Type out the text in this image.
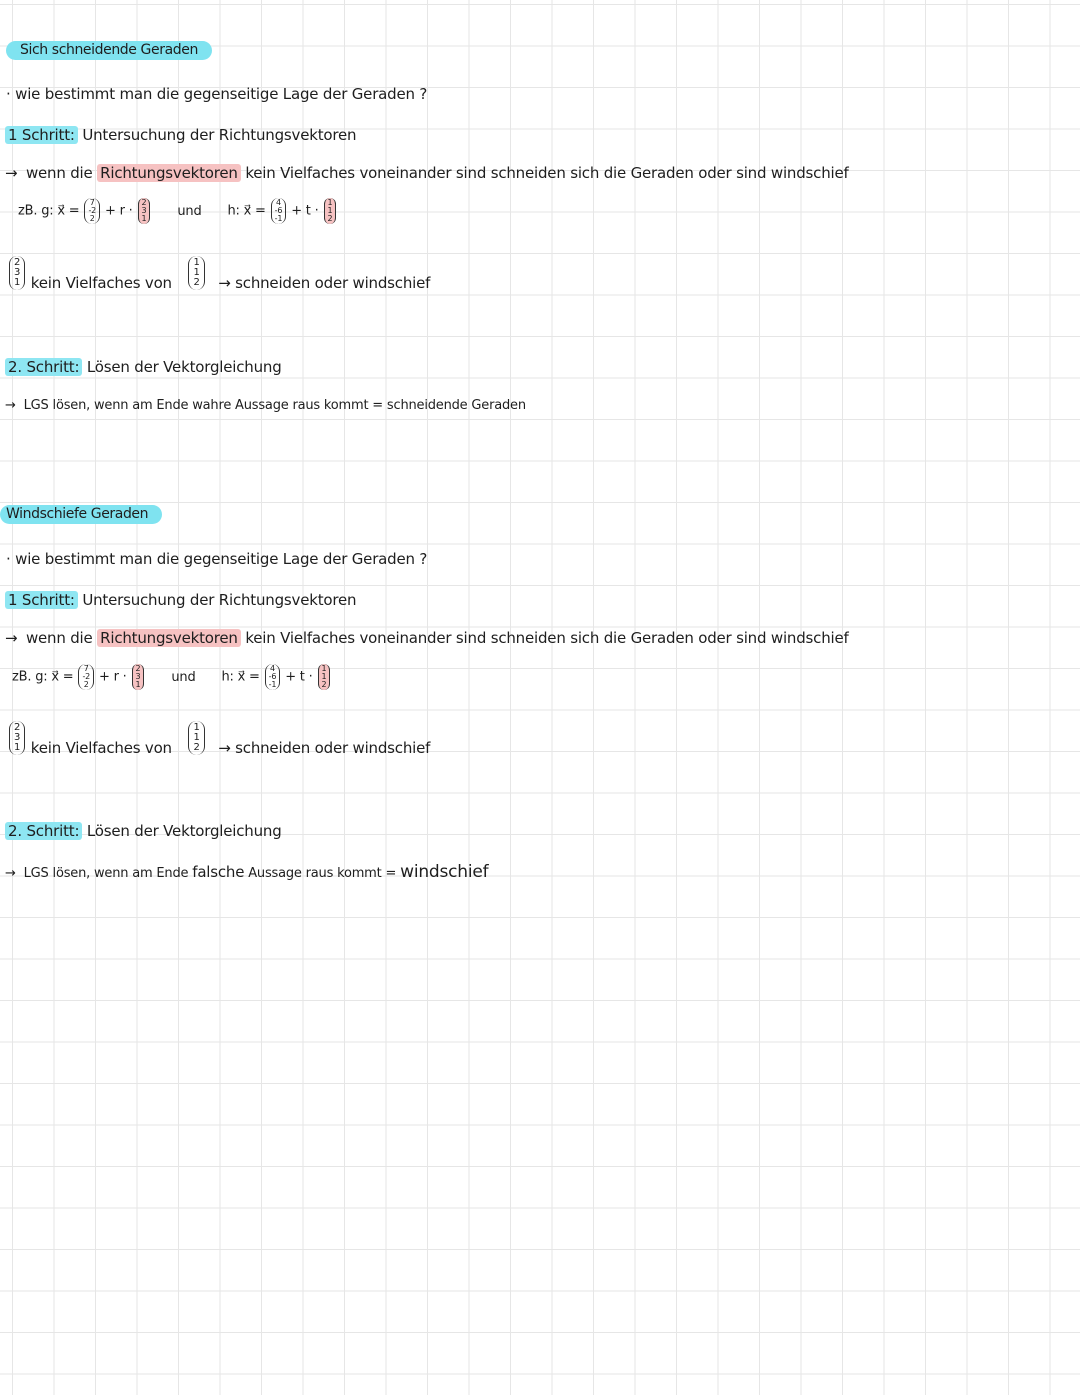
Sich schneidende Geraden
· wie bestimmt man die gegenseitige Lage der Geraden ?
1 Schritt: Untersuchung der Richtungsvektoren
→ wenn die Richtungsvektoren kein Vielfaches voneinander sind schneiden sich die Geraden oder sind windschief
zB. g: x⃗ =
7
-2
2 + r ·
2
3
1 und h: x⃗ =
4
-6
-1 + t ·
1
1
2
2
3
1 kein Vielfaches von
1
1
2 → schneiden oder windschief
2. Schritt: Lösen der Vektorgleichung
→ LGS lösen, wenn am Ende wahre Aussage raus kommt = schneidende Geraden
Windschiefe Geraden
· wie bestimmt man die gegenseitige Lage der Geraden ?
1 Schritt: Untersuchung der Richtungsvektoren
→ wenn die Richtungsvektoren kein Vielfaches voneinander sind schneiden sich die Geraden oder sind windschief
zB. g: x⃗ =
7
-2
2 + r ·
2
3
1 und h: x⃗ =
4
-6
-1 + t ·
1
1
2
2
3
1 kein Vielfaches von
1
1
2 → schneiden oder windschief
2. Schritt: Lösen der Vektorgleichung
→ LGS lösen, wenn am Ende falsche Aussage raus kommt = windschief
